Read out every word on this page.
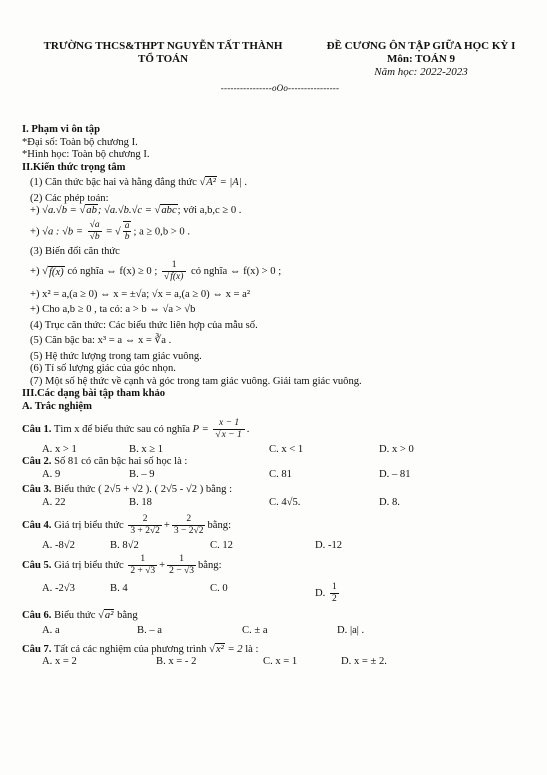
TRƯỜNG THCS&THPT NGUYỄN TẤT THÀNH
TỔ TOÁN
ĐỀ CƯƠNG ÔN TẬP GIỮA HỌC KỲ I
Môn: TOÁN 9
Năm học: 2022-2023
----------------oOo----------------
I. Phạm vi ôn tập
*Đại số: Toàn bộ chương I.
*Hình học: Toàn bộ chương I.
II.Kiến thức trọng tâm
(1) Căn thức bậc hai và hằng đẳng thức √A² = |A| .
(2) Các phép toán:
+) √a.√b = √ab; √a.√b.√c = √abc; với a,b,c ≥ 0 .
+) √a : $√b = \frac{√a}{√b}$ = √ $\frac{a}{b}$ ; a ≥ 0,b > 0 .
(3) Biến đổi căn thức
+) √f(x) có nghĩa ⇔ f(x) ≥ 0 ; $\frac{1}{√f(x)}$ có nghĩa ⇔ f(x) > 0 ;
+) x² = a,(a ≥ 0) ⇔ x = ±√a; √x = a,(a ≥ 0) ⇔ x = a²
+) Cho a,b ≥ 0 , ta có: a > b ⇔ √a > √b
(4) Trục căn thức: Các biểu thức liên hợp của mẫu số.
(5) Căn bậc ba: x³ = a ⇔ x = ∛a .
(5) Hệ thức lượng trong tam giác vuông.
(6) Tỉ số lượng giác của góc nhọn.
(7) Một số hệ thức về cạnh và góc trong tam giác vuông. Giải tam giác vuông.
III.Các dạng bài tập tham khảo
A. Trắc nghiệm
Câu 1. Tìm x để biểu thức sau có nghĩa $P = \frac{x - 1}{√x - 1}$ .
A. x > 1	B. x ≥ 1	C. x < 1	D. x > 0
Câu 2. Số 81 có căn bậc hai số học là :
A. 9	B. – 9	C. 81	D. – 81
Câu 3. Biểu thức ( 2√5 + √2 ). ( 2√5 - √2 ) bằng :
A. 22	B. 18	C. 4√5.	D. 8.
Câu 4. Giá trị biểu thức $\frac{2}{3 + 2√2} + \frac{2}{3 - 2√2}$ bằng:
A. -8√2	B. 8√2	C. 12	D. -12
Câu 5. Giá trị biểu thức $\frac{1}{2 + √3} + \frac{1}{2 - √3}$ bằng:
A. -2√3	B. 4	C. 0	D. $\frac{1}{2}$
Câu 6. Biểu thức √a² bằng
A. a	B. – a	C. ± a	D. |a| .
Câu 7. Tất cả các nghiệm của phương trình √x² = 2 là :
A. x = 2	B. x = - 2	C. x = 1	D. x = ± 2.
